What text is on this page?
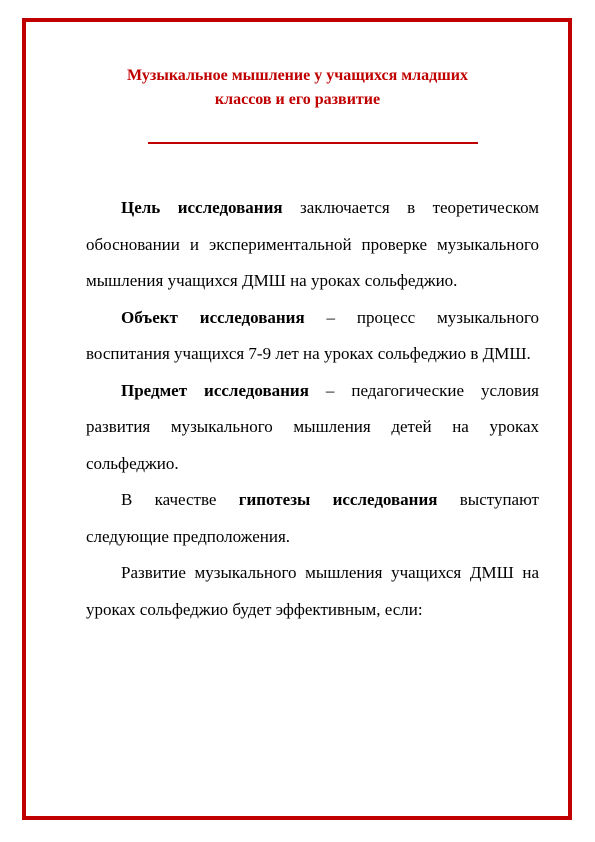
Музыкальное мышление у учащихся младших
классов и его развитие

Цель исследования заключается в теоретическом обосновании и экспериментальной проверке музыкального мышления учащихся ДМШ на уроках сольфеджио.

Объект исследования – процесс музыкального воспитания учащихся 7-9 лет на уроках сольфеджио в ДМШ.

Предмет исследования – педагогические условия развития музыкального мышления детей на уроках сольфеджио.

В качестве гипотезы исследования выступают следующие предположения.

Развитие музыкального мышления учащихся ДМШ на уроках сольфеджио будет эффективным, если:
